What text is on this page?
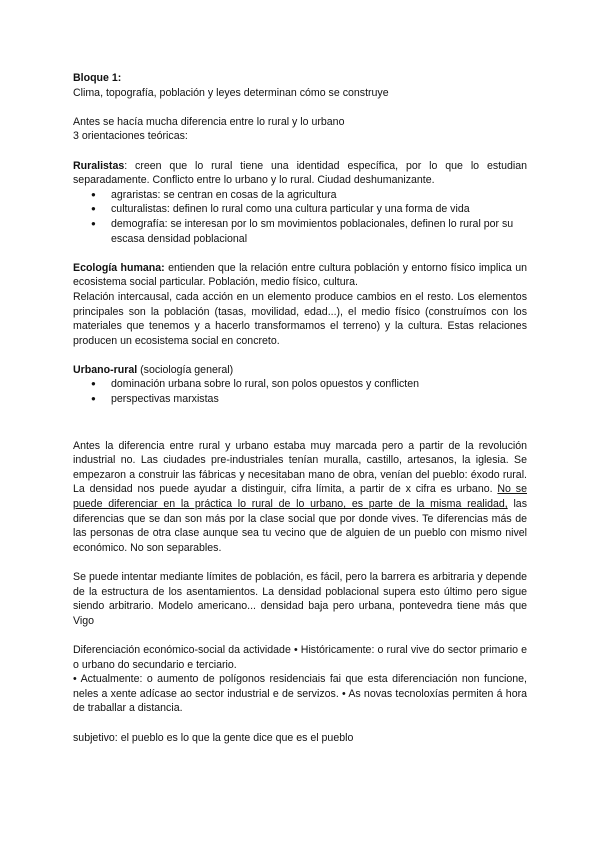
Bloque 1:

Clima, topografía, población y leyes determinan cómo se construye

Antes se hacía mucha diferencia entre lo rural y lo urbano

3 orientaciones teóricas:

Ruralistas: creen que lo rural tiene una identidad específica, por lo que lo estudian separadamente. Conflicto entre lo urbano y lo rural. Ciudad deshumanizante.

● agraristas: se centran en cosas de la agricultura
● culturalistas: definen lo rural como una cultura particular y una forma de vida
● demografía: se interesan por lo sm movimientos poblacionales, definen lo rural por su escasa densidad poblacional

Ecología humana: entienden que la relación entre cultura población y entorno físico implica un ecosistema social particular. Población, medio físico, cultura.

Relación intercausal, cada acción en un elemento produce cambios en el resto. Los elementos principales son la población (tasas, movilidad, edad...), el medio físico (construímos con los materiales que tenemos y a hacerlo transformamos el terreno) y la cultura. Estas relaciones producen un ecosistema social en concreto.

Urbano-rural (sociología general)

● dominación urbana sobre lo rural, son polos opuestos y conflicten
● perspectivas marxistas

Antes la diferencia entre rural y urbano estaba muy marcada pero a partir de la revolución industrial no. Las ciudades pre-industriales tenían muralla, castillo, artesanos, la iglesia. Se empezaron a construir las fábricas y necesitaban mano de obra, venían del pueblo: éxodo rural. La densidad nos puede ayudar a distinguir, cifra límita, a partir de x cifra es urbano. No se puede diferenciar en la práctica lo rural de lo urbano, es parte de la misma realidad, las diferencias que se dan son más por la clase social que por donde vives. Te diferencias más de las personas de otra clase aunque sea tu vecino que de alguien de un pueblo con mismo nivel económico. No son separables.

Se puede intentar mediante límites de población, es fácil, pero la barrera es arbitraria y depende de la estructura de los asentamientos. La densidad poblacional supera esto último pero sigue siendo arbitrario. Modelo americano... densidad baja pero urbana, pontevedra tiene más que Vigo

Diferenciación económico-social da actividade • Históricamente: o rural vive do sector primario e o urbano do secundario e terciario.

• Actualmente: o aumento de polígonos residenciais fai que esta diferenciación non funcione, neles a xente adícase ao sector industrial e de servizos. • As novas tecnoloxías permiten á hora de traballar a distancia.

subjetivo: el pueblo es lo que la gente dice que es el pueblo
